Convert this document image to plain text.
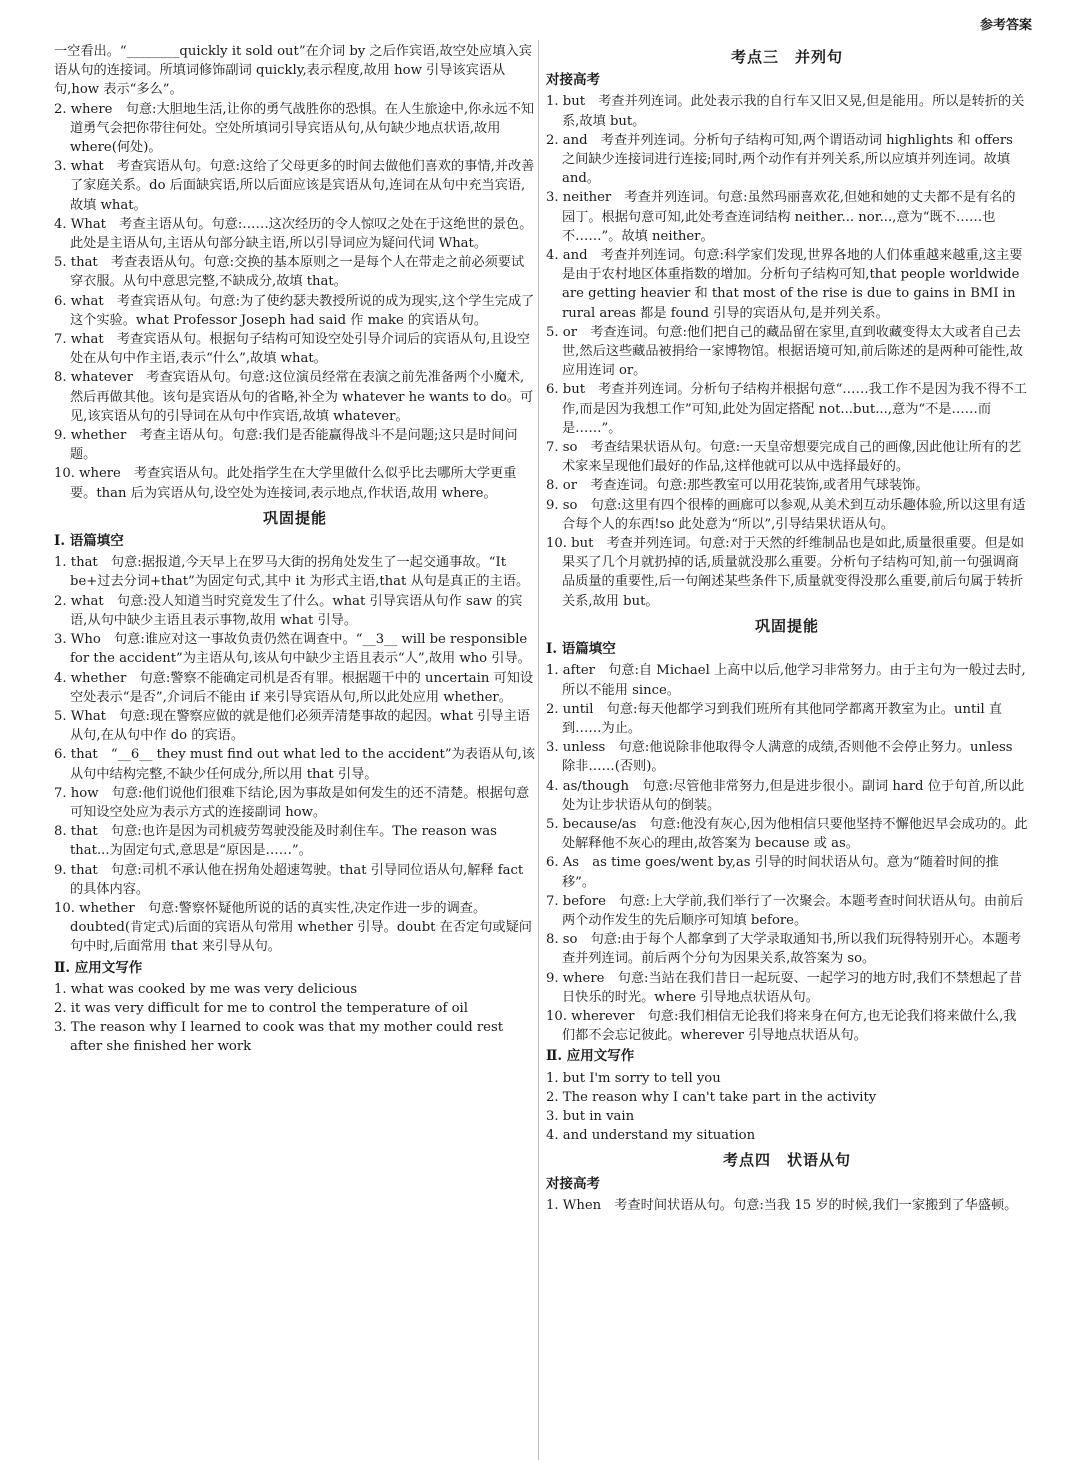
参考答案

一空看出。“________quickly it sold out”在介词 by 之后作宾语,故空处应填入宾语从句的连接词。所填词修饰副词 quickly,表示程度,故用 how 引导该宾语从句,how 表示“多么”。

2. where　句意:大胆地生活,让你的勇气战胜你的恐惧。在人生旅途中,你永远不知道勇气会把你带往何处。空处所填词引导宾语从句,从句缺少地点状语,故用 where(何处)。

3. what　考查宾语从句。句意:这给了父母更多的时间去做他们喜欢的事情,并改善了家庭关系。do 后面缺宾语,所以后面应该是宾语从句,连词在从句中充当宾语,故填 what。

4. What　考查主语从句。句意:……这次经历的令人惊叹之处在于这绝世的景色。此处是主语从句,主语从句部分缺主语,所以引导词应为疑问代词 What。

5. that　考查表语从句。句意:交换的基本原则之一是每个人在带走之前必须要试穿衣服。从句中意思完整,不缺成分,故填 that。

6. what　考查宾语从句。句意:为了使约瑟夫教授所说的成为现实,这个学生完成了这个实验。what Professor Joseph had said 作 make 的宾语从句。

7. what　考查宾语从句。根据句子结构可知设空处引导介词后的宾语从句,且设空处在从句中作主语,表示“什么”,故填 what。

8. whatever　考查宾语从句。句意:这位演员经常在表演之前先准备两个小魔术,然后再做其他。该句是宾语从句的省略,补全为 whatever he wants to do。可见,该宾语从句的引导词在从句中作宾语,故填 whatever。

9. whether　考查主语从句。句意:我们是否能赢得战斗不是问题;这只是时间问题。

10. where　考查宾语从句。此处指学生在大学里做什么似乎比去哪所大学更重要。than 后为宾语从句,设空处为连接词,表示地点,作状语,故用 where。

巩固提能

Ⅰ. 语篇填空

1. that　句意:据报道,今天早上在罗马大街的拐角处发生了一起交通事故。“It be+过去分词+that”为固定句式,其中 it 为形式主语,that 从句是真正的主语。

2. what　句意:没人知道当时究竟发生了什么。what 引导宾语从句作 saw 的宾语,从句中缺少主语且表示事物,故用 what 引导。

3. Who　句意:谁应对这一事故负责仍然在调查中。“__3__ will be responsible for the accident”为主语从句,该从句中缺少主语且表示“人”,故用 who 引导。

4. whether　句意:警察不能确定司机是否有罪。根据题干中的 uncertain 可知设空处表示“是否”,介词后不能由 if 来引导宾语从句,所以此处应用 whether。

5. What　句意:现在警察应做的就是他们必须弄清楚事故的起因。what 引导主语从句,在从句中作 do 的宾语。

6. that　“__6__ they must find out what led to the accident”为表语从句,该从句中结构完整,不缺少任何成分,所以用 that 引导。

7. how　句意:他们说他们很难下结论,因为事故是如何发生的还不清楚。根据句意可知设空处应为表示方式的连接副词 how。

8. that　句意:也许是因为司机疲劳驾驶没能及时刹住车。The reason was that...为固定句式,意思是“原因是……”。

9. that　句意:司机不承认他在拐角处超速驾驶。that 引导同位语从句,解释 fact 的具体内容。

10. whether　句意:警察怀疑他所说的话的真实性,决定作进一步的调查。doubted(肯定式)后面的宾语从句常用 whether 引导。doubt 在否定句或疑问句中时,后面常用 that 来引导从句。

Ⅱ. 应用文写作

1. what was cooked by me was very delicious

2. it was very difficult for me to control the temperature of oil

3. The reason why I learned to cook was that my mother could rest after she finished her work

考点三　并列句

对接高考

1. but　考查并列连词。此处表示我的自行车又旧又晃,但是能用。所以是转折的关系,故填 but。

2. and　考查并列连词。分析句子结构可知,两个谓语动词 highlights 和 offers 之间缺少连接词进行连接;同时,两个动作有并列关系,所以应填并列连词。故填 and。

3. neither　考查并列连词。句意:虽然玛丽喜欢花,但她和她的丈夫都不是有名的园丁。根据句意可知,此处考查连词结构 neither... nor...,意为“既不……也不……”。故填 neither。

4. and　考查并列连词。句意:科学家们发现,世界各地的人们体重越来越重,这主要是由于农村地区体重指数的增加。分析句子结构可知,that people worldwide are getting heavier 和 that most of the rise is due to gains in BMI in rural areas 都是 found 引导的宾语从句,是并列关系。

5. or　考查连词。句意:他们把自己的藏品留在家里,直到收藏变得太大或者自己去世,然后这些藏品被捐给一家博物馆。根据语境可知,前后陈述的是两种可能性,故应用连词 or。

6. but　考查并列连词。分析句子结构并根据句意“……我工作不是因为我不得不工作,而是因为我想工作”可知,此处为固定搭配 not...but...,意为“不是……而是……”。

7. so　考查结果状语从句。句意:一天皇帝想要完成自己的画像,因此他让所有的艺术家来呈现他们最好的作品,这样他就可以从中选择最好的。

8. or　考查连词。句意:那些教室可以用花装饰,或者用气球装饰。

9. so　句意:这里有四个很棒的画廊可以参观,从美术到互动乐趣体验,所以这里有适合每个人的东西!so 此处意为“所以”,引导结果状语从句。

10. but　考查并列连词。句意:对于天然的纤维制品也是如此,质量很重要。但是如果买了几个月就扔掉的话,质量就没那么重要。分析句子结构可知,前一句强调商品质量的重要性,后一句阐述某些条件下,质量就变得没那么重要,前后句属于转折关系,故用 but。

巩固提能

Ⅰ. 语篇填空

1. after　句意:自 Michael 上高中以后,他学习非常努力。由于主句为一般过去时,所以不能用 since。

2. until　句意:每天他都学习到我们班所有其他同学都离开教室为止。until 直到……为止。

3. unless　句意:他说除非他取得令人满意的成绩,否则他不会停止努力。unless 除非……(否则)。

4. as/though　句意:尽管他非常努力,但是进步很小。副词 hard 位于句首,所以此处为让步状语从句的倒装。

5. because/as　句意:他没有灰心,因为他相信只要他坚持不懈他迟早会成功的。此处解释他不灰心的理由,故答案为 because 或 as。

6. As　as time goes/went by,as 引导的时间状语从句。意为“随着时间的推移”。

7. before　句意:上大学前,我们举行了一次聚会。本题考查时间状语从句。由前后两个动作发生的先后顺序可知填 before。

8. so　句意:由于每个人都拿到了大学录取通知书,所以我们玩得特别开心。本题考查并列连词。前后两个分句为因果关系,故答案为 so。

9. where　句意:当站在我们昔日一起玩耍、一起学习的地方时,我们不禁想起了昔日快乐的时光。where 引导地点状语从句。

10. wherever　句意:我们相信无论我们将来身在何方,也无论我们将来做什么,我们都不会忘记彼此。wherever 引导地点状语从句。

Ⅱ. 应用文写作

1. but I'm sorry to tell you

2. The reason why I can't take part in the activity

3. but in vain

4. and understand my situation

考点四　状语从句

对接高考

1. When　考查时间状语从句。句意:当我 15 岁的时候,我们一家搬到了华盛顿。
